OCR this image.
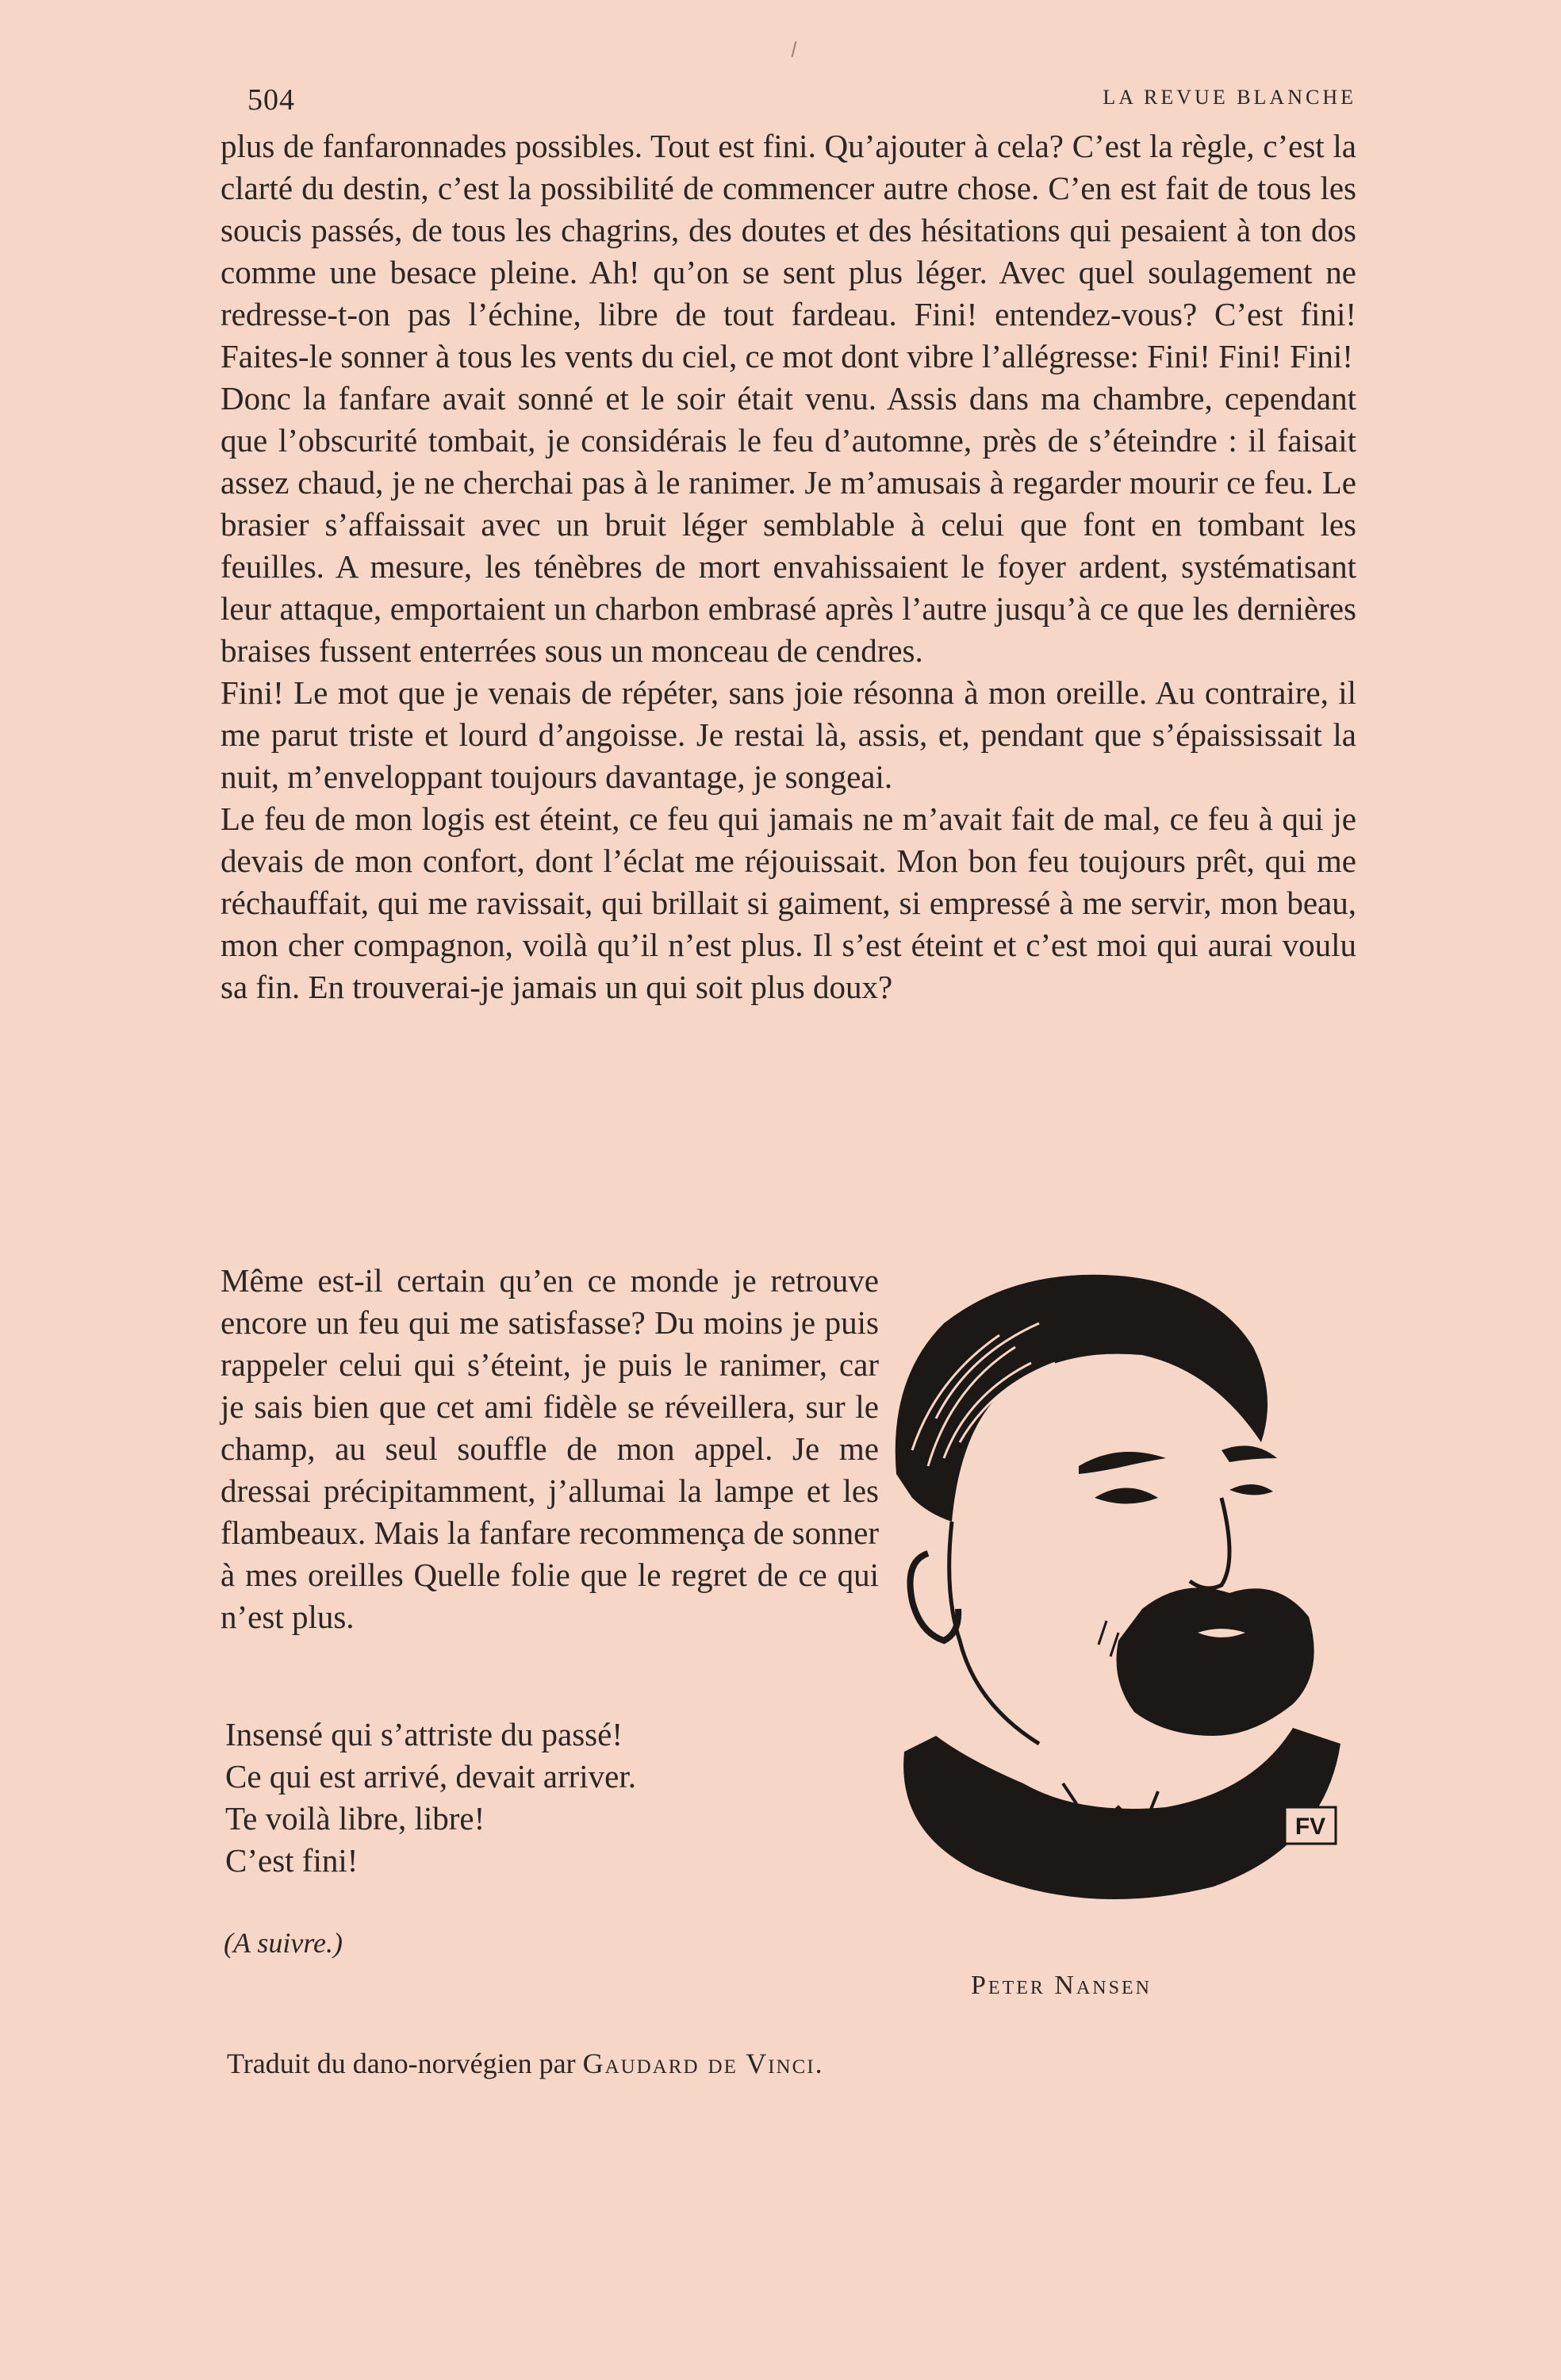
504	LA REVUE BLANCHE

plus de fanfaronnades possibles. Tout est fini. Qu’ajouter à cela? C’est la règle, c’est la clarté du destin, c’est la possibilité de commencer autre chose. C’en est fait de tous les soucis passés, de tous les chagrins, des doutes et des hésitations qui pesaient à ton dos comme une besace pleine. Ah! qu’on se sent plus léger. Avec quel soulagement ne redresse-t-on pas l’échine, libre de tout fardeau. Fini! entendez-vous? C’est fini! Faites-le sonner à tous les vents du ciel, ce mot dont vibre l’allégresse: Fini! Fini! Fini!

Donc la fanfare avait sonné et le soir était venu. Assis dans ma chambre, cependant que l’obscurité tombait, je considérais le feu d’automne, près de s’éteindre : il faisait assez chaud, je ne cherchai pas à le ranimer. Je m’amusais à regarder mourir ce feu. Le brasier s’affaissait avec un bruit léger semblable à celui que font en tombant les feuilles. A mesure, les ténèbres de mort envahissaient le foyer ardent, systématisant leur attaque, emportaient un charbon embrasé après l’autre jusqu’à ce que les dernières braises fussent enterrées sous un monceau de cendres.

Fini! Le mot que je venais de répéter, sans joie résonna à mon oreille. Au contraire, il me parut triste et lourd d’angoisse. Je restai là, assis, et, pendant que s’épaississait la nuit, m’enveloppant toujours davantage, je songeai.

Le feu de mon logis est éteint, ce feu qui jamais ne m’avait fait de mal, ce feu à qui je devais de mon confort, dont l’éclat me réjouissait. Mon bon feu toujours prêt, qui me réchauffait, qui me ravissait, qui brillait si gaiment, si empressé à me servir, mon beau, mon cher compagnon, voilà qu’il n’est plus. Il s’est éteint et c’est moi qui aurai voulu sa fin. En trouverai-je jamais un qui soit plus doux?

Même est-il certain qu’en ce monde je retrouve encore un feu qui me satisfasse? Du moins je puis rappeler celui qui s’éteint, je puis le ranimer, car je sais bien que cet ami fidèle se réveillera, sur le champ, au seul souffle de mon appel. Je me dressai précipitamment, j’allumai la lampe et les flambeaux. Mais la fanfare recommença de sonner à mes oreilles Quelle folie que le regret de ce qui n’est plus.
Insensé qui s’attriste du passé!
Ce qui est arrivé, devait arriver.
Te voilà libre, libre!
C’est fini!
FV
(A suivre.)
Peter Nansen
Traduit du dano-norvégien par Gaudard de Vinci.
